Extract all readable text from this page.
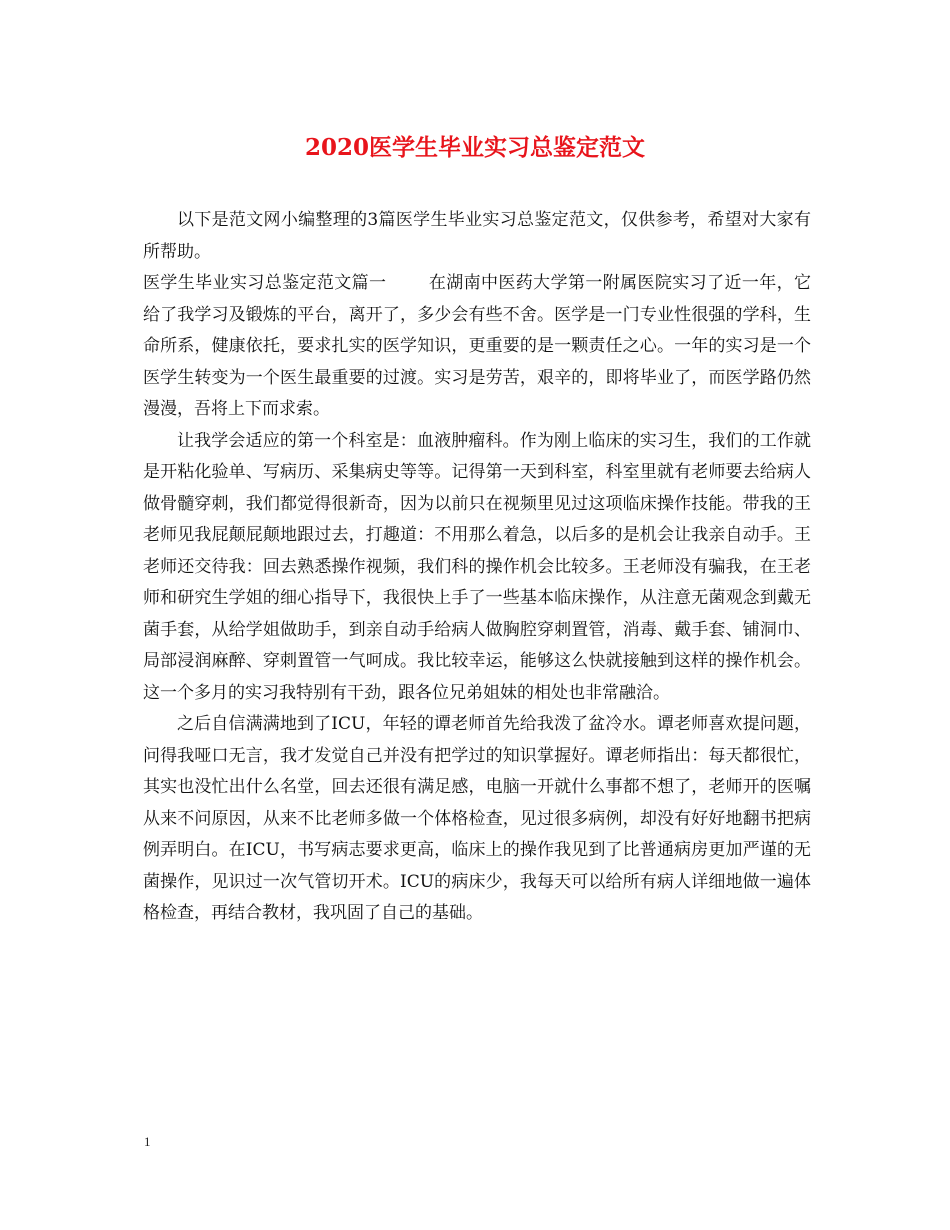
2020医学生毕业实习总鉴定范文

以下是范文网小编整理的3篇医学生毕业实习总鉴定范文，仅供参考，希望对大家有所帮助。

医学生毕业实习总鉴定范文篇一 在湖南中医药大学第一附属医院实习了近一年，它给了我学习及锻炼的平台，离开了，多少会有些不舍。医学是一门专业性很强的学科，生命所系，健康依托，要求扎实的医学知识，更重要的是一颗责任之心。一年的实习是一个医学生转变为一个医生最重要的过渡。实习是劳苦，艰辛的，即将毕业了，而医学路仍然漫漫，吾将上下而求索。

让我学会适应的第一个科室是：血液肿瘤科。作为刚上临床的实习生，我们的工作就是开粘化验单、写病历、采集病史等等。记得第一天到科室，科室里就有老师要去给病人做骨髓穿刺，我们都觉得很新奇，因为以前只在视频里见过这项临床操作技能。带我的王老师见我屁颠屁颠地跟过去，打趣道：不用那么着急，以后多的是机会让我亲自动手。王老师还交待我：回去熟悉操作视频，我们科的操作机会比较多。王老师没有骗我，在王老师和研究生学姐的细心指导下，我很快上手了一些基本临床操作，从注意无菌观念到戴无菌手套，从给学姐做助手，到亲自动手给病人做胸腔穿刺置管，消毒、戴手套、铺洞巾、局部浸润麻醉、穿刺置管一气呵成。我比较幸运，能够这么快就接触到这样的操作机会。这一个多月的实习我特别有干劲，跟各位兄弟姐妹的相处也非常融洽。

之后自信满满地到了ICU，年轻的谭老师首先给我泼了盆冷水。谭老师喜欢提问题，问得我哑口无言，我才发觉自己并没有把学过的知识掌握好。谭老师指出：每天都很忙，其实也没忙出什么名堂，回去还很有满足感，电脑一开就什么事都不想了，老师开的医嘱从来不问原因，从来不比老师多做一个体格检查，见过很多病例，却没有好好地翻书把病例弄明白。在ICU，书写病志要求更高，临床上的操作我见到了比普通病房更加严谨的无菌操作，见识过一次气管切开术。ICU的病床少，我每天可以给所有病人详细地做一遍体格检查，再结合教材，我巩固了自己的基础。

1
